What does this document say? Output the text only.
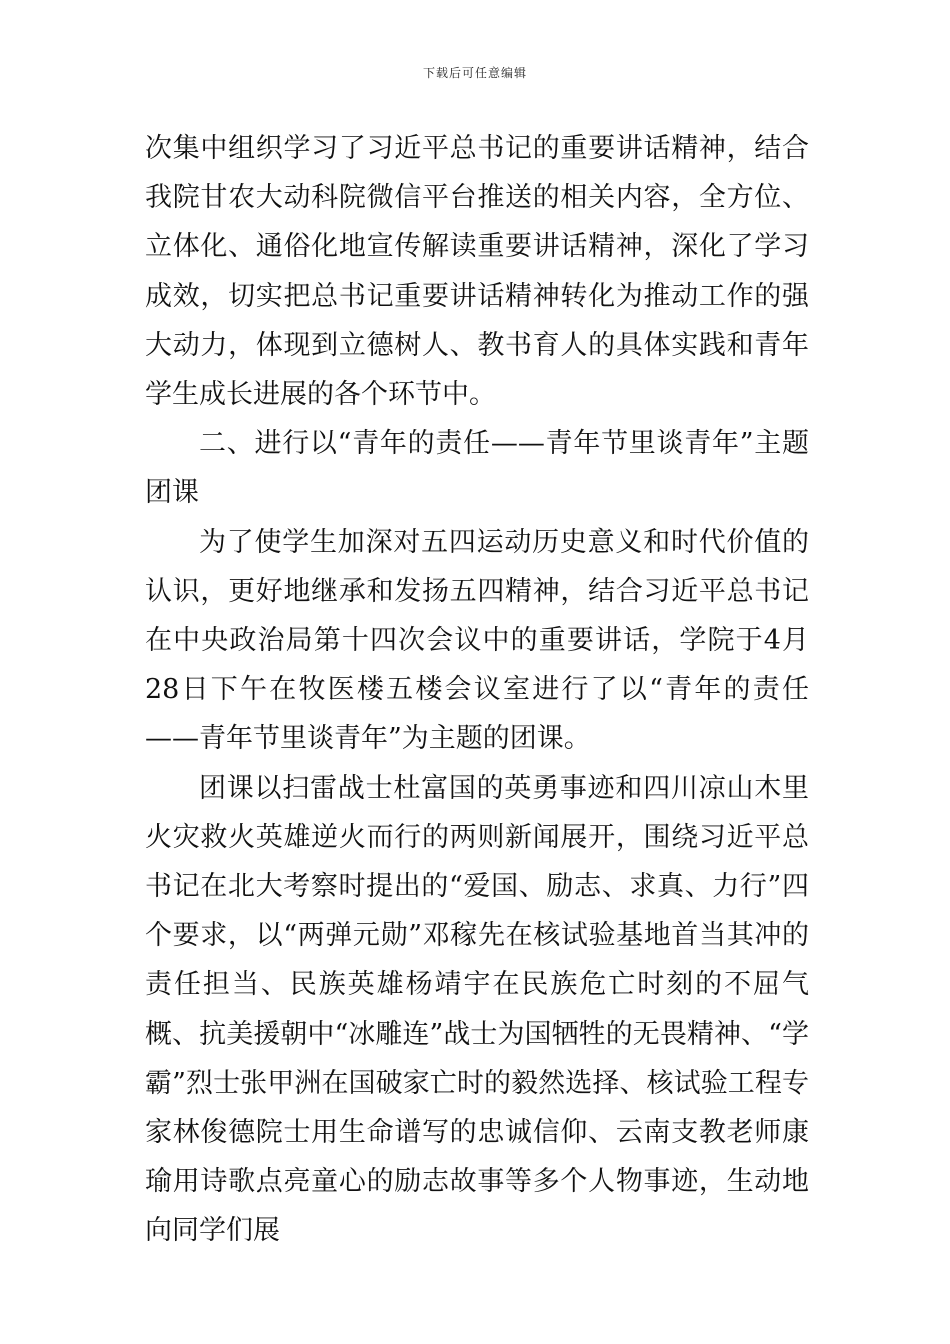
下载后可任意编辑

次集中组织学习了习近平总书记的重要讲话精神，结合我院甘农大动科院微信平台推送的相关内容，全方位、立体化、通俗化地宣传解读重要讲话精神，深化了学习成效，切实把总书记重要讲话精神转化为推动工作的强大动力，体现到立德树人、教书育人的具体实践和青年学生成长进展的各个环节中。

二、进行以“青年的责任——青年节里谈青年”主题团课

为了使学生加深对五四运动历史意义和时代价值的认识，更好地继承和发扬五四精神，结合习近平总书记在中央政治局第十四次会议中的重要讲话，学院于4月28日下午在牧医楼五楼会议室进行了以“青年的责任——青年节里谈青年”为主题的团课。

团课以扫雷战士杜富国的英勇事迹和四川凉山木里火灾救火英雄逆火而行的两则新闻展开，围绕习近平总书记在北大考察时提出的“爱国、励志、求真、力行”四个要求，以“两弹元勋”邓稼先在核试验基地首当其冲的责任担当、民族英雄杨靖宇在民族危亡时刻的不屈气概、抗美援朝中“冰雕连”战士为国牺牲的无畏精神、“学霸”烈士张甲洲在国破家亡时的毅然选择、核试验工程专家林俊德院士用生命谱写的忠诚信仰、云南支教老师康瑜用诗歌点亮童心的励志故事等多个人物事迹，生动地向同学们展
